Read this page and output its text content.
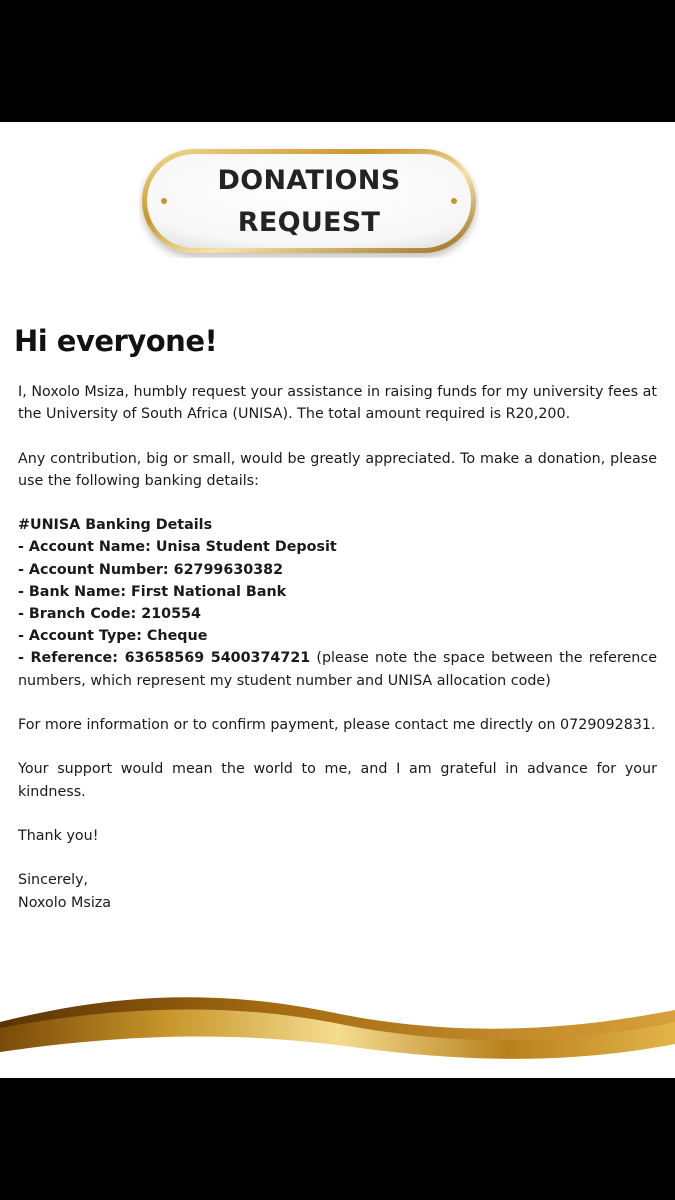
DONATIONS REQUEST
Hi everyone!

I, Noxolo Msiza, humbly request your assistance in raising funds for my university fees at the University of South Africa (UNISA). The total amount required is R20,200.

Any contribution, big or small, would be greatly appreciated. To make a donation, please use the following banking details:

#UNISA Banking Details
- Account Name: Unisa Student Deposit
- Account Number: 62799630382
- Bank Name: First National Bank
- Branch Code: 210554
- Account Type: Cheque
- Reference: 63658569 5400374721 (please note the space between the reference numbers, which represent my student number and UNISA allocation code)

For more information or to confirm payment, please contact me directly on 0729092831.

Your support would mean the world to me, and I am grateful in advance for your kindness.

Thank you!

Sincerely,
Noxolo Msiza
